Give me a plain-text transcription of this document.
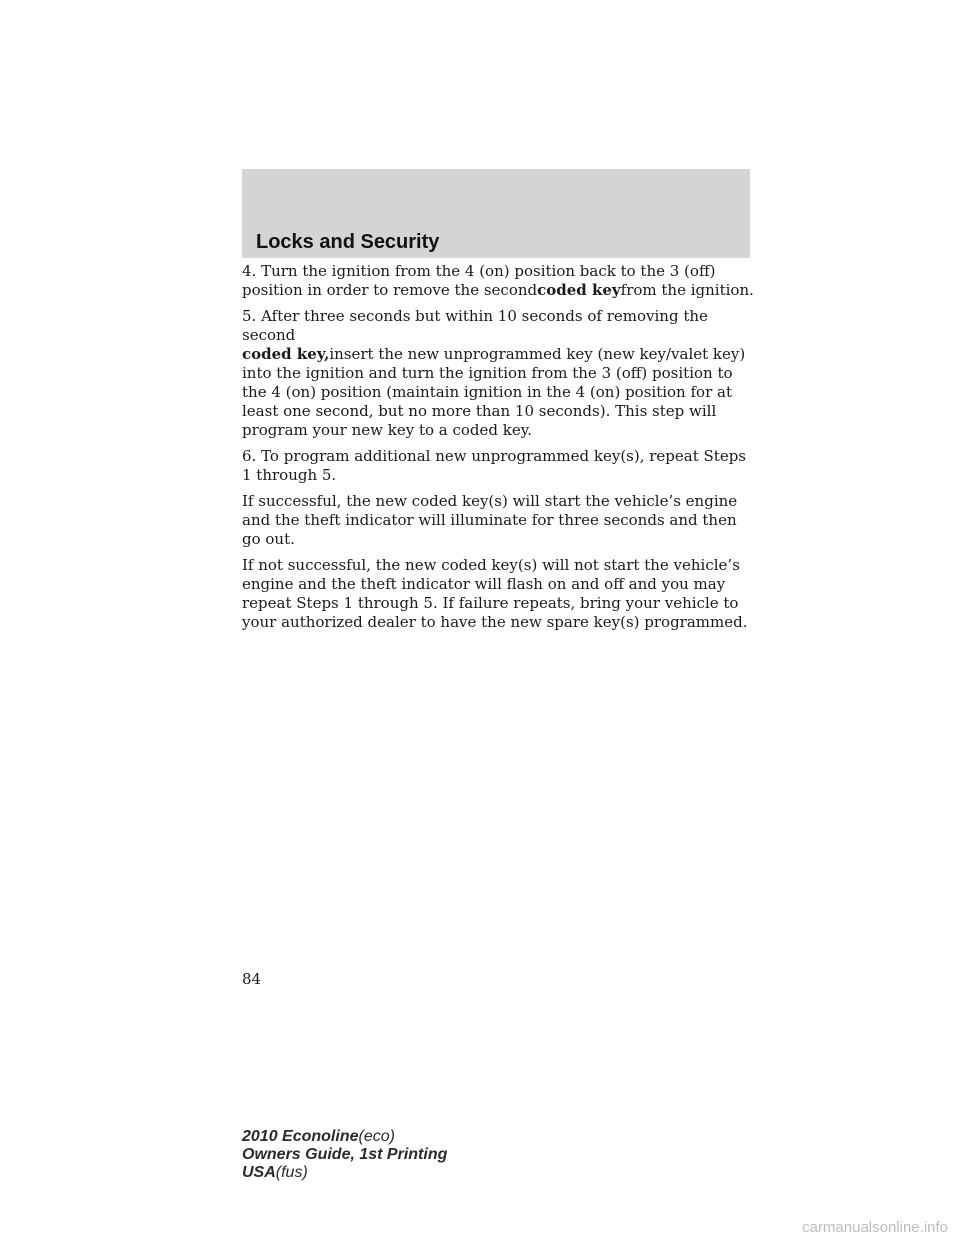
Locks and Security

4. Turn the ignition from the 4 (on) position back to the 3 (off) position in order to remove the secondcoded keyfrom the ignition.

5. After three seconds but within 10 seconds of removing the second
coded key,insert the new unprogrammed key (new key/valet key) into the ignition and turn the ignition from the 3 (off) position to the 4 (on) position (maintain ignition in the 4 (on) position for at least one second, but no more than 10 seconds). This step will program your new key to a coded key.

6. To program additional new unprogrammed key(s), repeat Steps 1 through 5.

If successful, the new coded key(s) will start the vehicle’s engine and the theft indicator will illuminate for three seconds and then go out.

If not successful, the new coded key(s) will not start the vehicle’s engine and the theft indicator will flash on and off and you may repeat Steps 1 through 5. If failure repeats, bring your vehicle to your authorized dealer to have the new spare key(s) programmed.

84
2010 Econoline(eco)
Owners Guide, 1st Printing
USA(fus)
carmanualsonline.info
